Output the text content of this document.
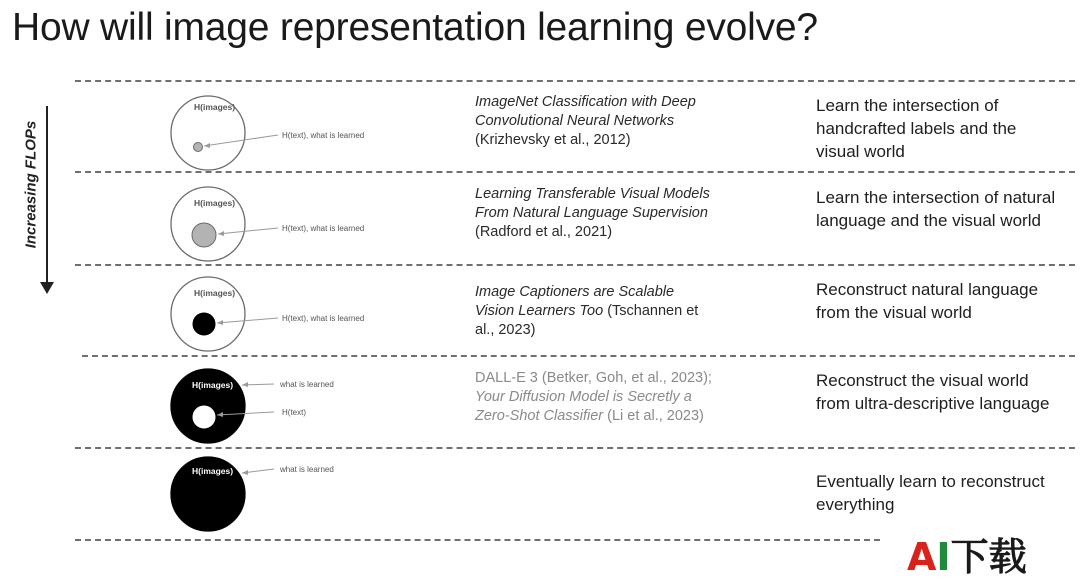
How will image representation learning evolve?
Increasing FLOPs
H(images)
H(text), what is learned
ImageNet Classification with Deep Convolutional Neural Networks (Krizhevsky et al., 2012)
Learn the intersection of handcrafted labels and the visual world
H(images)
H(text), what is learned
Learning Transferable Visual Models From Natural Language Supervision (Radford et al., 2021)
Learn the intersection of natural language and the visual world
H(images)
H(text), what is learned
Image Captioners are Scalable Vision Learners Too (Tschannen et al., 2023)
Reconstruct natural language from the visual world
H(images)	what is learned
H(text)
DALL-E 3 (Betker, Goh, et al., 2023); Your Diffusion Model is Secretly a Zero-Shot Classifier (Li et al., 2023)
Reconstruct the visual world from ultra-descriptive language
H(images)	what is learned
Eventually learn to reconstruct everything
AI下载
